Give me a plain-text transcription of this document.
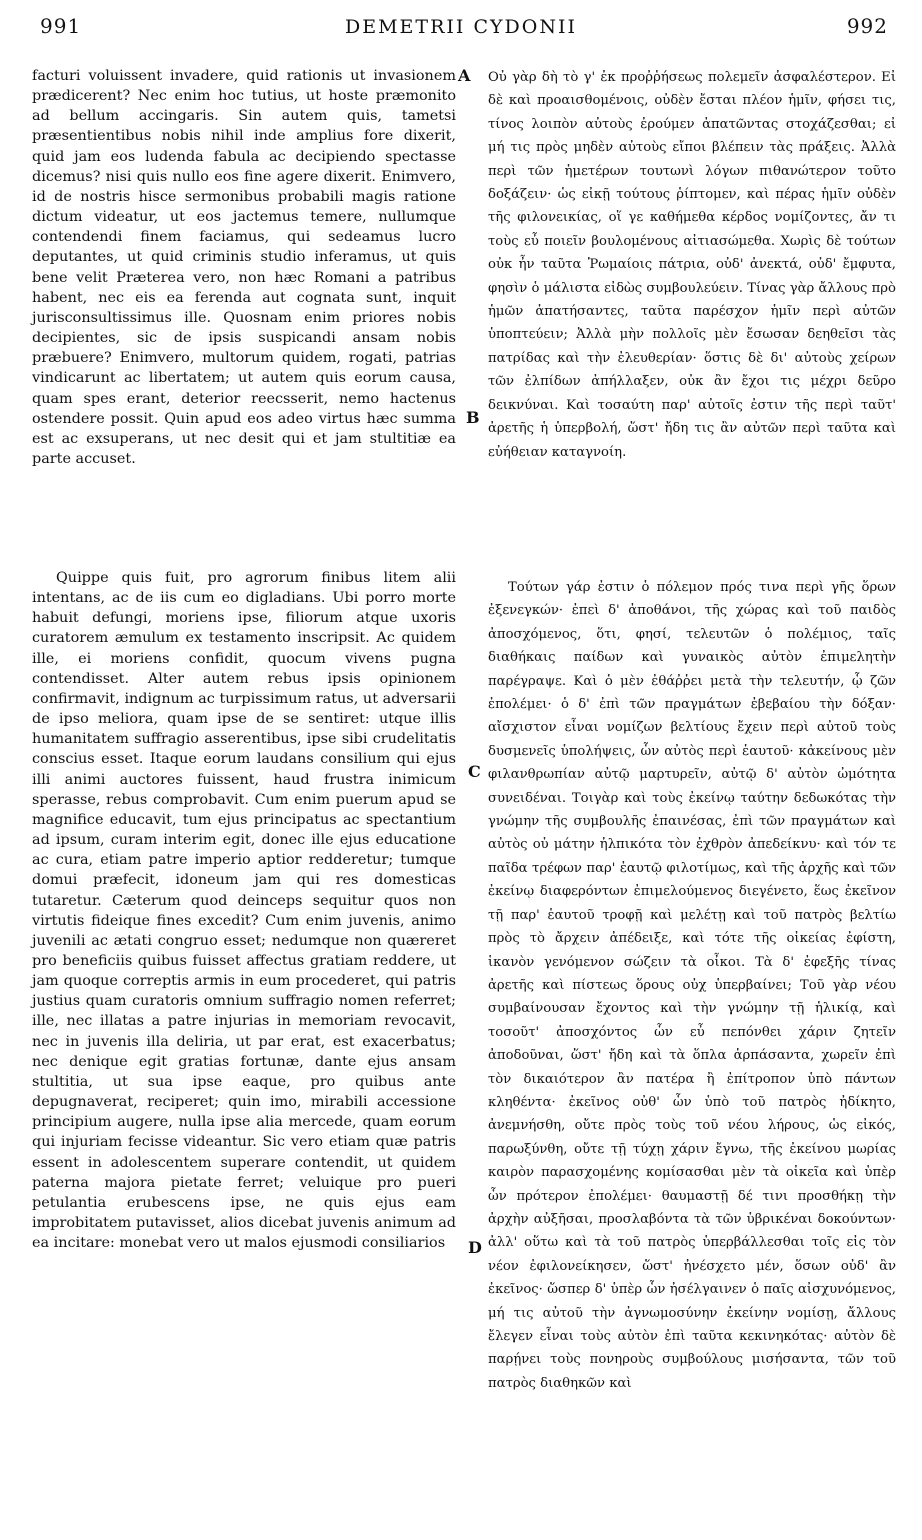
991	DEMETRII CYDONII	992

facturi voluissent invadere, quid rationis ut invasionem prædicerent? Nec enim hoc tutius, ut hoste præmonito ad bellum accingaris. Sin autem quis, tametsi præsentientibus nobis nihil inde amplius fore dixerit, quid jam eos ludenda fabula ac decipiendo spectasse dicemus? nisi quis nullo eos fine agere dixerit. Enimvero, id de nostris hisce sermonibus probabili magis ratione dictum videatur, ut eos jactemus temere, nullumque contendendi finem faciamus, qui sedeamus lucro deputantes, ut quid criminis studio inferamus, ut quis bene velit Præterea vero, non hæc Romani a patribus habent, nec eis ea ferenda aut cognata sunt, inquit jurisconsultissimus ille. Quosnam enim priores nobis decipientes, sic de ipsis suspicandi ansam nobis præbuere? Enimvero, multorum quidem, rogati, patrias vindicarunt ac libertatem; ut autem quis eorum causa, quam spes erant, deterior reecsserit, nemo hactenus ostendere possit. Quin apud eos adeo virtus hæc summa est ac exsuperans, ut nec desit qui et jam stultitiæ ea parte accuset.

Quippe quis fuit, pro agrorum finibus litem alii intentans, ac de iis cum eo digladians. Ubi porro morte habuit defungi, moriens ipse, filiorum atque uxoris curatorem æmulum ex testamento inscripsit. Ac quidem ille, ei moriens confidit, quocum vivens pugna contendisset. Alter autem rebus ipsis opinionem confirmavit, indignum ac turpissimum ratus, ut adversarii de ipso meliora, quam ipse de se sentiret: utque illis humanitatem suffragio asserentibus, ipse sibi crudelitatis conscius esset. Itaque eorum laudans consilium qui ejus illi animi auctores fuissent, haud frustra inimicum sperasse, rebus comprobavit. Cum enim puerum apud se magnifice educavit, tum ejus principatus ac spectantium ad ipsum, curam interim egit, donec ille ejus educatione ac cura, etiam patre imperio aptior redderetur; tumque domui præfecit, idoneum jam qui res domesticas tutaretur. Cæterum quod deinceps sequitur quos non virtutis fideique fines excedit? Cum enim juvenis, animo juvenili ac ætati congruo esset; nedumque non quæreret pro beneficiis quibus fuisset affectus gratiam reddere, ut jam quoque correptis armis in eum procederet, qui patris justius quam curatoris omnium suffragio nomen referret; ille, nec illatas a patre injurias in memoriam revocavit, nec in juvenis illa deliria, ut par erat, est exacerbatus; nec denique egit gratias fortunæ, dante ejus ansam stultitia, ut sua ipse eaque, pro quibus ante depugnaverat, reciperet; quin imo, mirabili accessione principium augere, nulla ipse alia mercede, quam eorum qui injuriam fecisse videantur. Sic vero etiam quæ patris essent in adolescentem superare contendit, ut quidem paterna majora pietate ferret; veluique pro pueri petulantia erubescens ipse, ne quis ejus eam improbitatem putavisset, alios dicebat juvenis animum ad ea incitare: monebat vero ut malos ejusmodi consiliarios

A
B
C
D

Οὐ γὰρ δὴ τὸ γ' ἐκ προῤῥήσεως πολεμεῖν ἀσφαλέστερον. Εἰ δὲ καὶ προαισθομένοις, οὐδὲν ἔσται πλέον ἡμῖν, φήσει τις, τίνος λοιπὸν αὐτοὺς ἐρούμεν ἀπατῶντας στοχάζεσθαι; εἰ μή τις πρὸς μηδὲν αὐτοὺς εἴποι βλέπειν τὰς πράξεις. Ἀλλὰ περὶ τῶν ἡμετέρων τουτωνὶ λόγων πιθανώτερον τοῦτο δοξάζειν· ὡς εἰκῇ τούτους ῥίπτομεν, καὶ πέρας ἡμῖν οὐδὲν τῆς φιλονεικίας, οἵ γε καθήμεθα κέρδος νομίζοντες, ἄν τι τοὺς εὖ ποιεῖν βουλομένους αἰτιασώμεθα. Χωρὶς δὲ τούτων οὐκ ἦν ταῦτα Ῥωμαίοις πάτρια, οὐδ' ἀνεκτά, οὐδ' ἔμφυτα, φησὶν ὁ μάλιστα εἰδὼς συμβουλεύειν. Τίνας γὰρ ἄλλους πρὸ ἡμῶν ἀπατήσαντες, ταῦτα παρέσχον ἡμῖν περὶ αὐτῶν ὑποπτεύειν; Ἀλλὰ μὴν πολλοῖς μὲν ἔσωσαν δεηθεῖσι τὰς πατρίδας καὶ τὴν ἐλευθερίαν· ὅστις δὲ δι' αὐτοὺς χείρων τῶν ἐλπίδων ἀπήλλαξεν, οὐκ ἂν ἔχοι τις μέχρι δεῦρο δεικνύναι. Καὶ τοσαύτη παρ' αὐτοῖς ἐστιν τῆς περὶ ταῦτ' ἀρετῆς ἡ ὑπερβολή, ὥστ' ἤδη τις ἂν αὐτῶν περὶ ταῦτα καὶ εὐήθειαν καταγνοίη.

Τούτων γάρ ἐστιν ὁ πόλεμον πρός τινα περὶ γῆς ὅρων ἐξενεγκών· ἐπεὶ δ' ἀποθάνοι, τῆς χώρας καὶ τοῦ παιδὸς ἀποσχόμενος, ὅτι, φησί, τελευτῶν ὁ πολέμιος, ταῖς διαθήκαις παίδων καὶ γυναικὸς αὐτὸν ἐπιμελητὴν παρέγραψε. Καὶ ὁ μὲν ἐθάῤῥει μετὰ τὴν τελευτήν, ᾧ ζῶν ἐπολέμει· ὁ δ' ἐπὶ τῶν πραγμάτων ἐβεβαίου τὴν δόξαν· αἴσχιστον εἶναι νομίζων βελτίους ἔχειν περὶ αὐτοῦ τοὺς δυσμενεῖς ὑπολήψεις, ὧν αὐτὸς περὶ ἑαυτοῦ· κἀκείνους μὲν φιλανθρωπίαν αὐτῷ μαρτυρεῖν, αὐτῷ δ' αὐτὸν ὠμότητα συνειδέναι. Τοιγὰρ καὶ τοὺς ἐκείνῳ ταύτην δεδωκότας τὴν γνώμην τῆς συμβουλῆς ἐπαινέσας, ἐπὶ τῶν πραγμάτων καὶ αὐτὸς οὐ μάτην ἠλπικότα τὸν ἐχθρὸν ἀπεδείκνυ· καὶ τόν τε παῖδα τρέφων παρ' ἑαυτῷ φιλοτίμως, καὶ τῆς ἀρχῆς καὶ τῶν ἐκείνῳ διαφερόντων ἐπιμελούμενος διεγένετο, ἕως ἐκεῖνον τῇ παρ' ἑαυτοῦ τροφῇ καὶ μελέτῃ καὶ τοῦ πατρὸς βελτίω πρὸς τὸ ἄρχειν ἀπέδειξε, καὶ τότε τῆς οἰκείας ἐφίστη, ἱκανὸν γενόμενον σώζειν τὰ οἶκοι. Τὰ δ' ἐφεξῆς τίνας ἀρετῆς καὶ πίστεως ὅρους οὐχ ὑπερβαίνει; Τοῦ γὰρ νέου συμβαίνουσαν ἔχοντος καὶ τὴν γνώμην τῇ ἡλικίᾳ, καὶ τοσοῦτ' ἀποσχόντος ὧν εὖ πεπόνθει χάριν ζητεῖν ἀποδοῦναι, ὥστ' ἤδη καὶ τὰ ὅπλα ἁρπάσαντα, χωρεῖν ἐπὶ τὸν δικαιότερον ἂν πατέρα ἢ ἐπίτροπον ὑπὸ πάντων κληθέντα· ἐκεῖνος οὐθ' ὧν ὑπὸ τοῦ πατρὸς ἠδίκητο, ἀνεμνήσθη, οὔτε πρὸς τοὺς τοῦ νέου λήρους, ὡς εἰκός, παρωξύνθη, οὔτε τῇ τύχῃ χάριν ἔγνω, τῆς ἐκείνου μωρίας καιρὸν παρασχομένης κομίσασθαι μὲν τὰ οἰκεῖα καὶ ὑπὲρ ὧν πρότερον ἐπολέμει· θαυμαστῇ δέ τινι προσθήκῃ τὴν ἀρχὴν αὐξῆσαι, προσλαβόντα τὰ τῶν ὑβρικέναι δοκούντων· ἀλλ' οὕτω καὶ τὰ τοῦ πατρὸς ὑπερβάλλεσθαι τοῖς εἰς τὸν νέον ἐφιλονείκησεν, ὥστ' ἠνέσχετο μέν, ὅσων οὐδ' ἂν ἐκεῖνος· ὥσπερ δ' ὑπὲρ ὧν ἠσέλγαινεν ὁ παῖς αἰσχυνόμενος, μή τις αὐτοῦ τὴν ἀγνωμοσύνην ἐκείνην νομίσῃ, ἄλλους ἔλεγεν εἶναι τοὺς αὐτὸν ἐπὶ ταῦτα κεκινηκότας· αὐτὸν δὲ παρῄνει τοὺς πονηροὺς συμβούλους μισήσαντα, τῶν τοῦ πατρὸς διαθηκῶν καὶ
